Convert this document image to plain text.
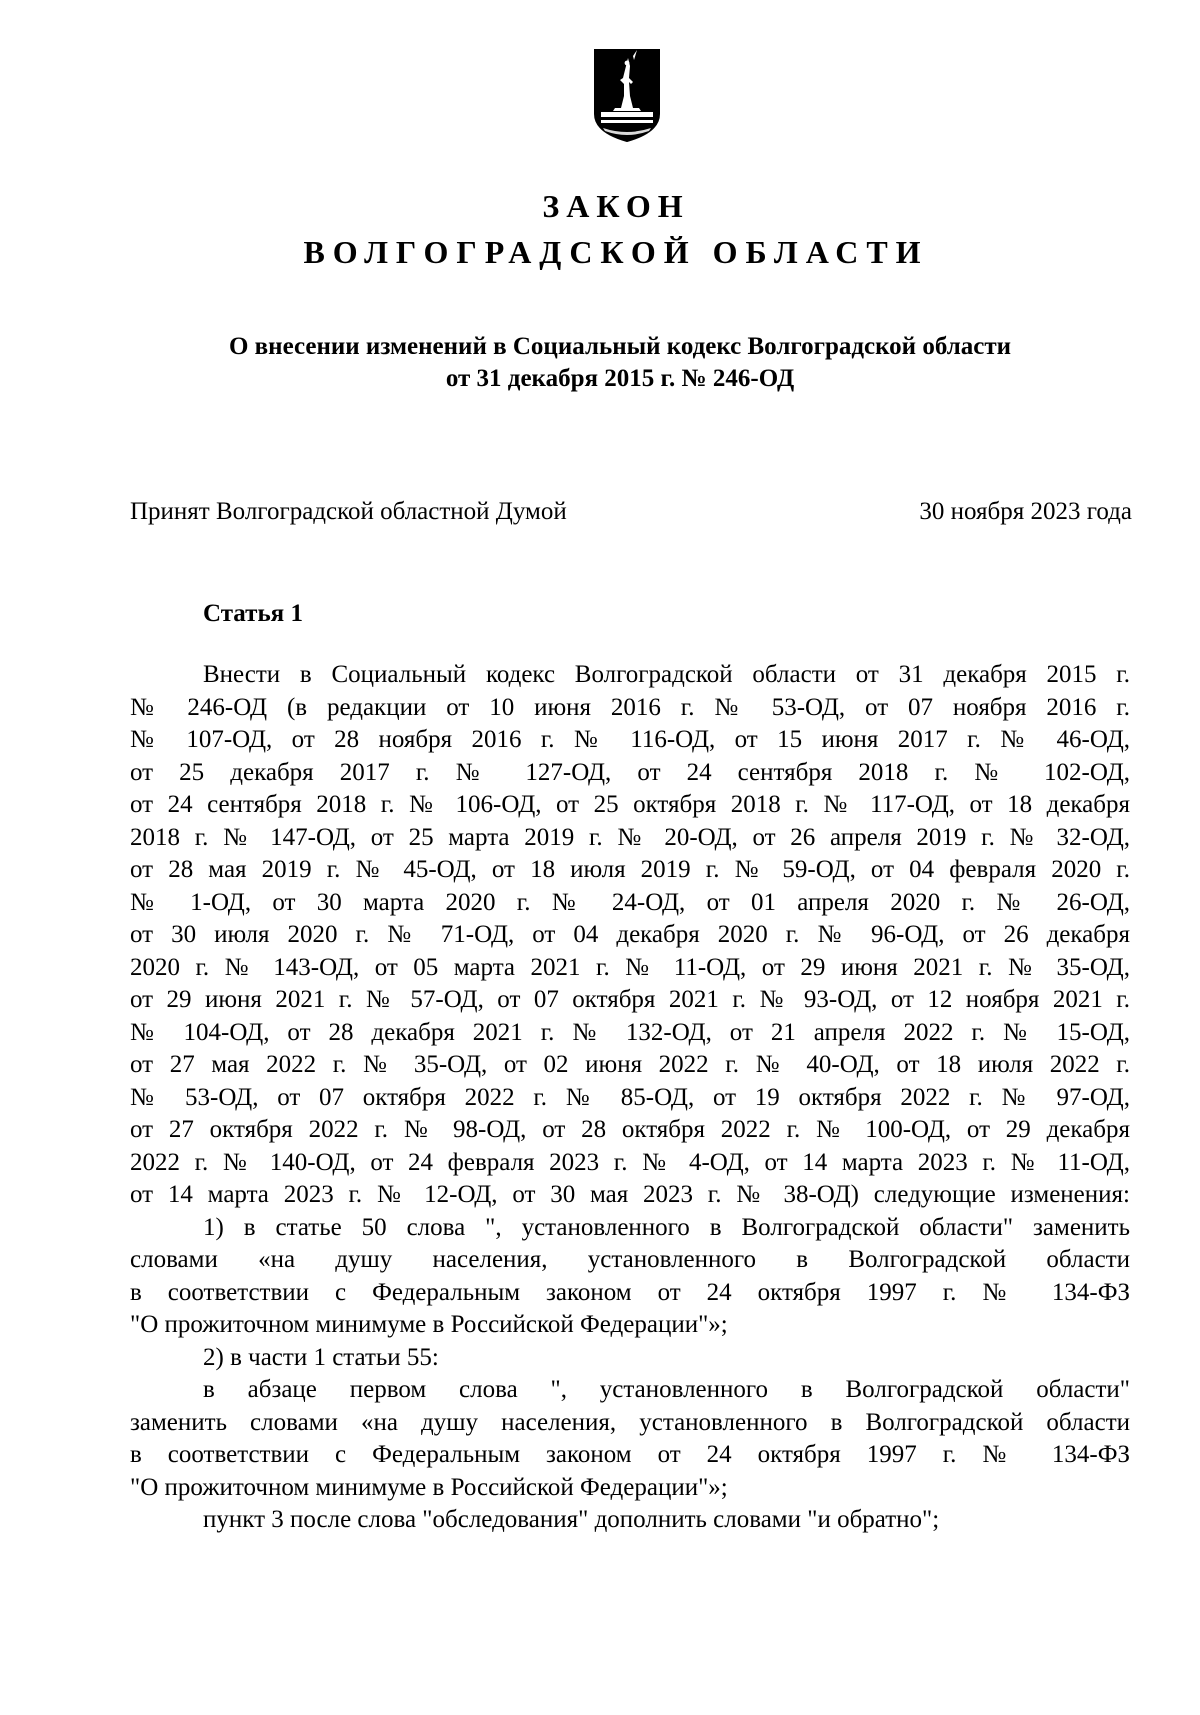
ЗАКОН
ВОЛГОГРАДСКОЙ ОБЛАСТИ
О внесении изменений в Социальный кодекс Волгоградской области
от 31 декабря 2015 г. № 246-ОД
Принят Волгоградской областной Думой	30 ноября 2023 года
Статья 1
Внести в Социальный кодекс Волгоградской области от 31 декабря 2015 г.
№ 246-ОД (в редакции от 10 июня 2016 г. № 53-ОД, от 07 ноября 2016 г.
№ 107-ОД, от 28 ноября 2016 г. № 116-ОД, от 15 июня 2017 г. № 46-ОД,
от 25 декабря 2017 г. № 127-ОД, от 24 сентября 2018 г. № 102-ОД,
от 24 сентября 2018 г. № 106-ОД, от 25 октября 2018 г. № 117-ОД, от 18 декабря
2018 г. № 147-ОД, от 25 марта 2019 г. № 20-ОД, от 26 апреля 2019 г. № 32-ОД,
от 28 мая 2019 г. № 45-ОД, от 18 июля 2019 г. № 59-ОД, от 04 февраля 2020 г.
№ 1-ОД, от 30 марта 2020 г. № 24-ОД, от 01 апреля 2020 г. № 26-ОД,
от 30 июля 2020 г. № 71-ОД, от 04 декабря 2020 г. № 96-ОД, от 26 декабря
2020 г. № 143-ОД, от 05 марта 2021 г. № 11-ОД, от 29 июня 2021 г. № 35-ОД,
от 29 июня 2021 г. № 57-ОД, от 07 октября 2021 г. № 93-ОД, от 12 ноября 2021 г.
№ 104-ОД, от 28 декабря 2021 г. № 132-ОД, от 21 апреля 2022 г. № 15-ОД,
от 27 мая 2022 г. № 35-ОД, от 02 июня 2022 г. № 40-ОД, от 18 июля 2022 г.
№ 53-ОД, от 07 октября 2022 г. № 85-ОД, от 19 октября 2022 г. № 97-ОД,
от 27 октября 2022 г. № 98-ОД, от 28 октября 2022 г. № 100-ОД, от 29 декабря
2022 г. № 140-ОД, от 24 февраля 2023 г. № 4-ОД, от 14 марта 2023 г. № 11-ОД,
от 14 марта 2023 г. № 12-ОД, от 30 мая 2023 г. № 38-ОД) следующие изменения:
1) в статье 50 слова ", установленного в Волгоградской области" заменить
словами «на душу населения, установленного в Волгоградской области
в соответствии с Федеральным законом от 24 октября 1997 г. № 134-ФЗ
"О прожиточном минимуме в Российской Федерации"»;
2) в части 1 статьи 55:
в абзаце первом слова ", установленного в Волгоградской области"
заменить словами «на душу населения, установленного в Волгоградской области
в соответствии с Федеральным законом от 24 октября 1997 г. № 134-ФЗ
"О прожиточном минимуме в Российской Федерации"»;
пункт 3 после слова "обследования" дополнить словами "и обратно";
